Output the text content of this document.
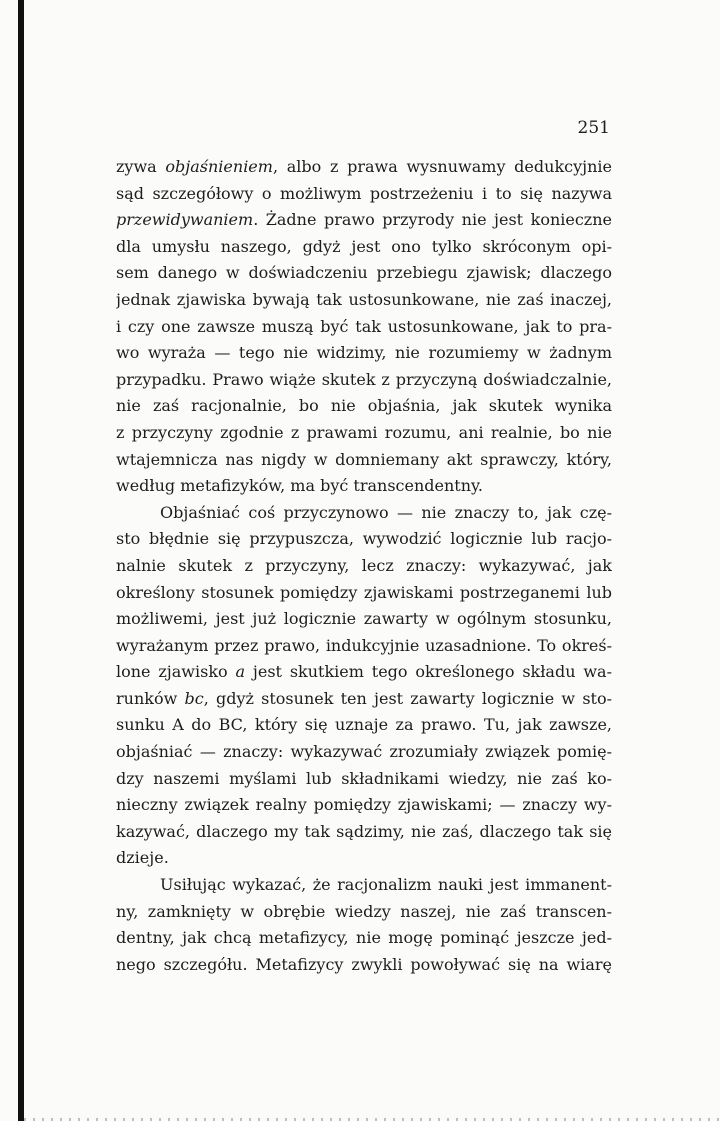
251
zywa objaśnieniem, albo z prawa wysnuwamy dedukcyjnie
sąd szczegółowy o możliwym postrzeżeniu i to się nazywa
przewidywaniem. Żadne prawo przyrody nie jest konieczne
dla umysłu naszego, gdyż jest ono tylko skróconym opi-
sem danego w doświadczeniu przebiegu zjawisk; dlaczego
jednak zjawiska bywają tak ustosunkowane, nie zaś inaczej,
i czy one zawsze muszą być tak ustosunkowane, jak to pra-
wo wyraża — tego nie widzimy, nie rozumiemy w żadnym
przypadku. Prawo wiąże skutek z przyczyną doświadczalnie,
nie zaś racjonalnie, bo nie objaśnia, jak skutek wynika
z przyczyny zgodnie z prawami rozumu, ani realnie, bo nie
wtajemnicza nas nigdy w domniemany akt sprawczy, który,
według metafizyków, ma być transcendentny.
Objaśniać coś przyczynowo — nie znaczy to, jak czę-
sto błędnie się przypuszcza, wywodzić logicznie lub racjo-
nalnie skutek z przyczyny, lecz znaczy: wykazywać, jak
określony stosunek pomiędzy zjawiskami postrzeganemi lub
możliwemi, jest już logicznie zawarty w ogólnym stosunku,
wyrażanym przez prawo, indukcyjnie uzasadnione. To okreś-
lone zjawisko a jest skutkiem tego określonego składu wa-
runków bc, gdyż stosunek ten jest zawarty logicznie w sto-
sunku A do BC, który się uznaje za prawo. Tu, jak zawsze,
objaśniać — znaczy: wykazywać zrozumiały związek pomię-
dzy naszemi myślami lub składnikami wiedzy, nie zaś ko-
nieczny związek realny pomiędzy zjawiskami; — znaczy wy-
kazywać, dlaczego my tak sądzimy, nie zaś, dlaczego tak się
dzieje.
Usiłując wykazać, że racjonalizm nauki jest immanent-
ny, zamknięty w obrębie wiedzy naszej, nie zaś transcen-
dentny, jak chcą metafizycy, nie mogę pominąć jeszcze jed-
nego szczegółu. Metafizycy zwykli powoływać się na wiarę
